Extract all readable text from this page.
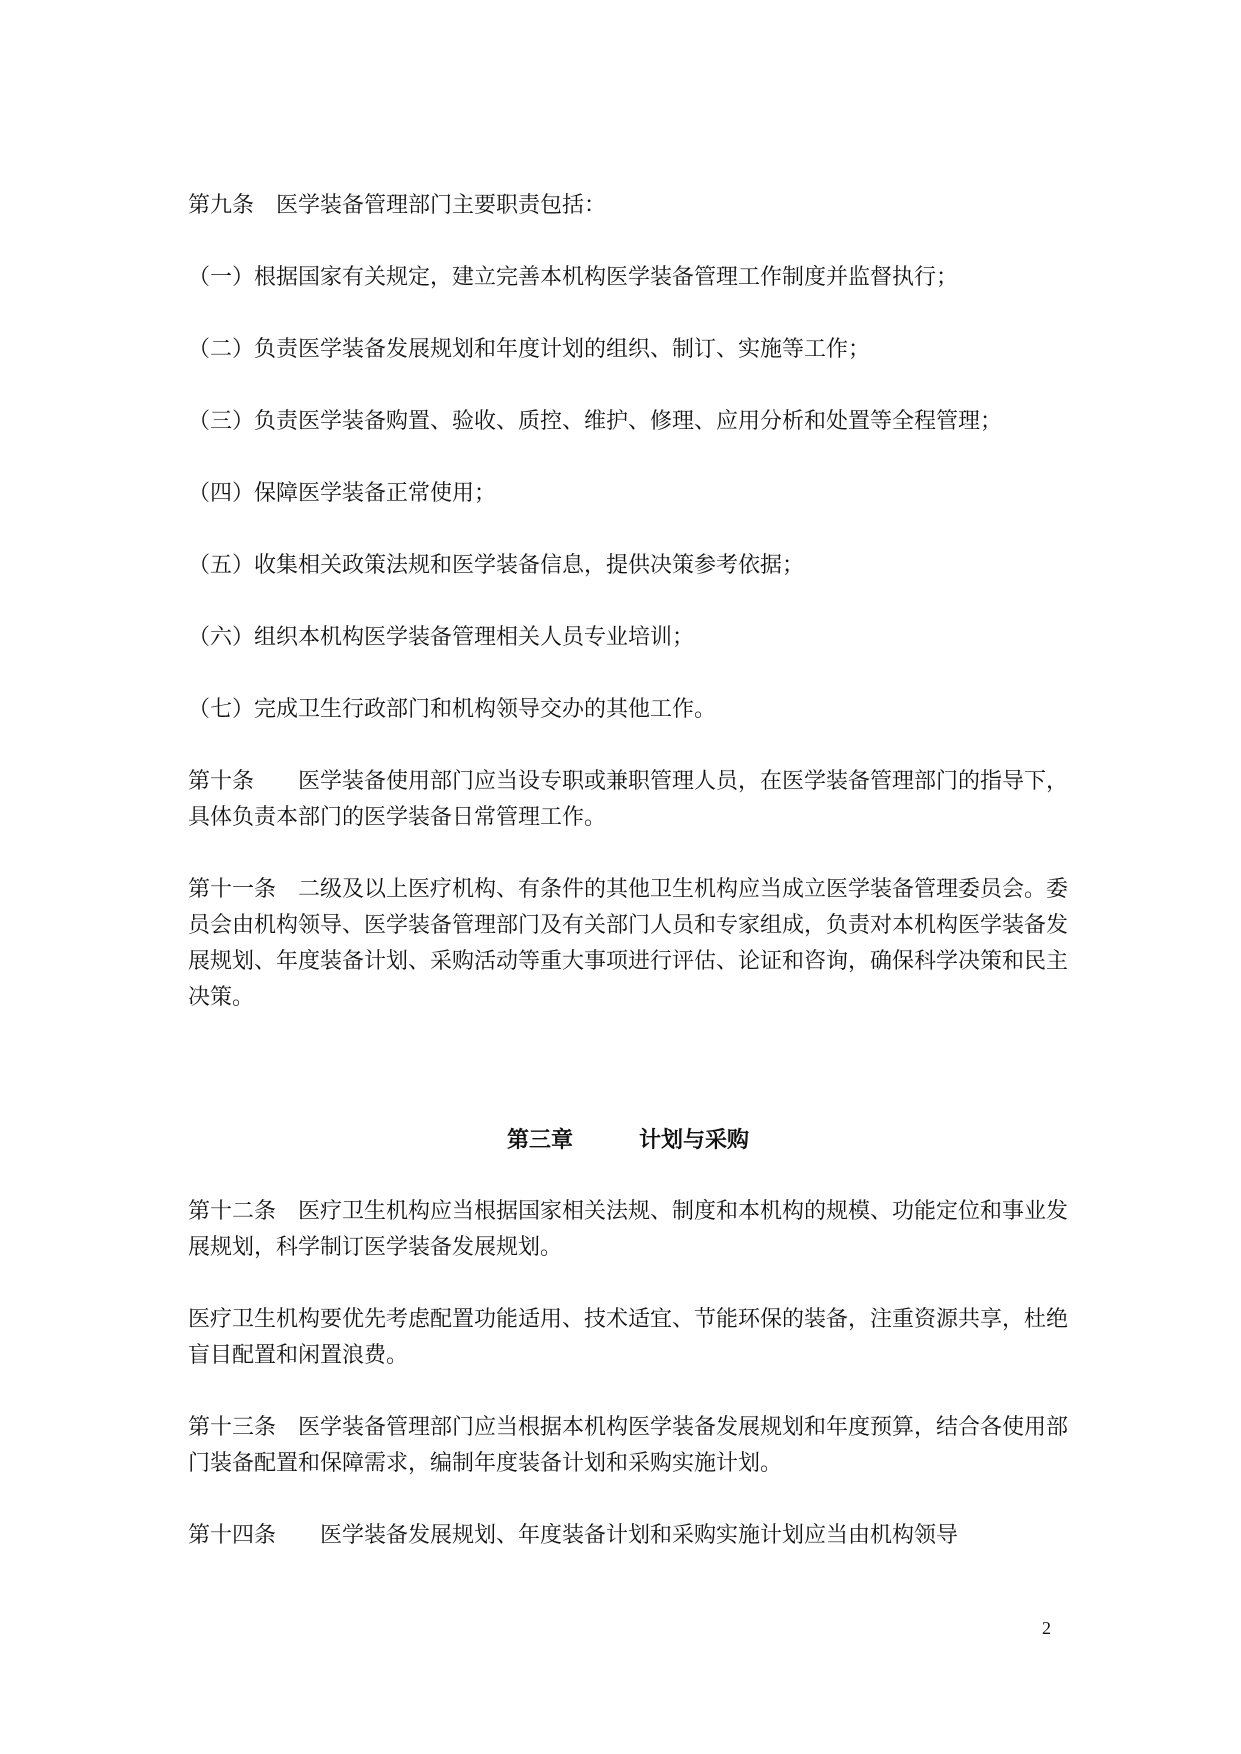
第九条　医学装备管理部门主要职责包括：

（一）根据国家有关规定，建立完善本机构医学装备管理工作制度并监督执行；

（二）负责医学装备发展规划和年度计划的组织、制订、实施等工作；

（三）负责医学装备购置、验收、质控、维护、修理、应用分析和处置等全程管理；

（四）保障医学装备正常使用；

（五）收集相关政策法规和医学装备信息，提供决策参考依据；

（六）组织本机构医学装备管理相关人员专业培训；

（七）完成卫生行政部门和机构领导交办的其他工作。

第十条　　医学装备使用部门应当设专职或兼职管理人员，在医学装备管理部门的指导下，具体负责本部门的医学装备日常管理工作。

第十一条　二级及以上医疗机构、有条件的其他卫生机构应当成立医学装备管理委员会。委员会由机构领导、医学装备管理部门及有关部门人员和专家组成，负责对本机构医学装备发展规划、年度装备计划、采购活动等重大事项进行评估、论证和咨询，确保科学决策和民主决策。

第三章　　　计划与采购

第十二条　医疗卫生机构应当根据国家相关法规、制度和本机构的规模、功能定位和事业发展规划，科学制订医学装备发展规划。

医疗卫生机构要优先考虑配置功能适用、技术适宜、节能环保的装备，注重资源共享，杜绝盲目配置和闲置浪费。

第十三条　医学装备管理部门应当根据本机构医学装备发展规划和年度预算，结合各使用部门装备配置和保障需求，编制年度装备计划和采购实施计划。

第十四条　　医学装备发展规划、年度装备计划和采购实施计划应当由机构领导

2
